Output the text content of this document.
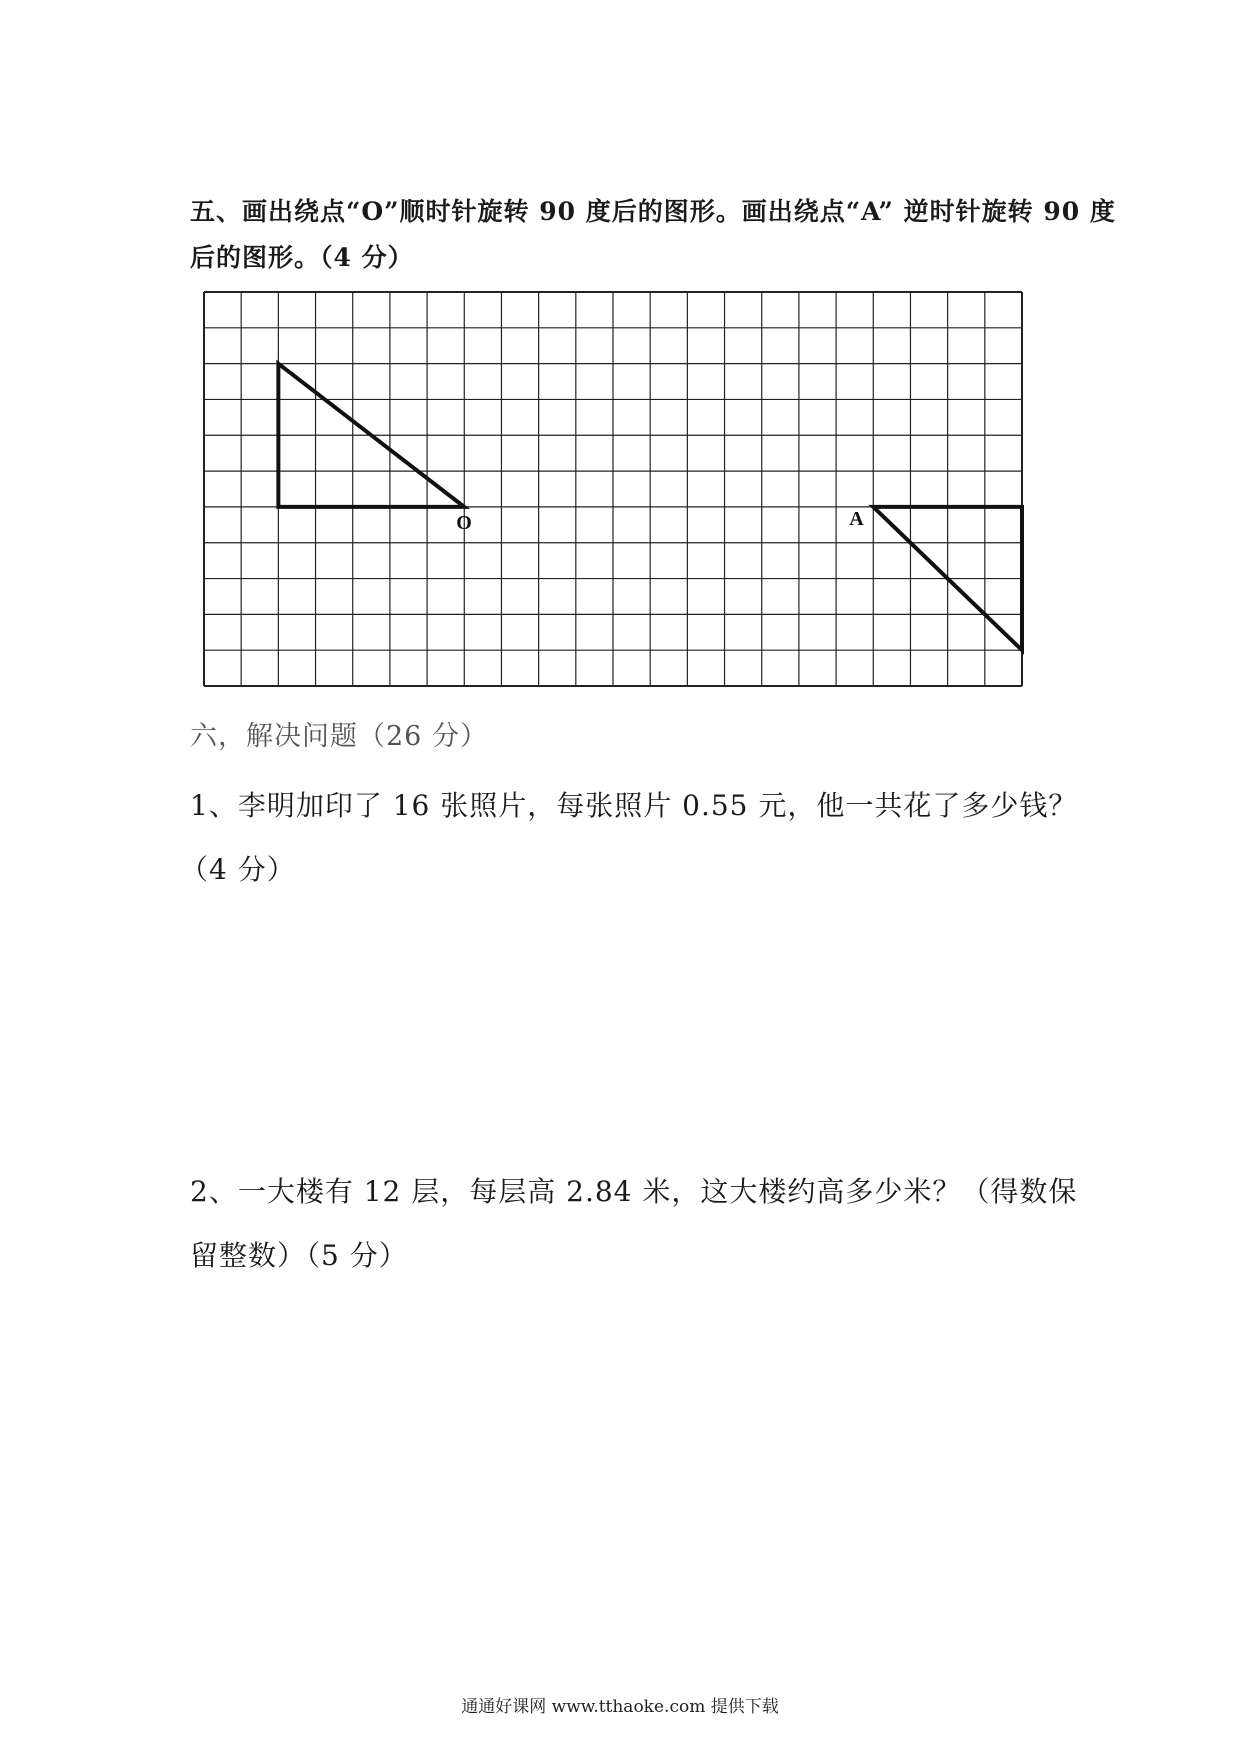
五、画出绕点“O”顺时针旋转 90 度后的图形。画出绕点“A” 逆时针旋转 90 度
后的图形。（4 分）
O	A
六，解决问题（26 分）
1、李明加印了 16 张照片，每张照片 0.55 元，他一共花了多少钱？
（4 分）
2、一大楼有 12 层，每层高 2.84 米，这大楼约高多少米？（得数保
留整数）（5 分）
通通好课网 www.tthaoke.com 提供下载
